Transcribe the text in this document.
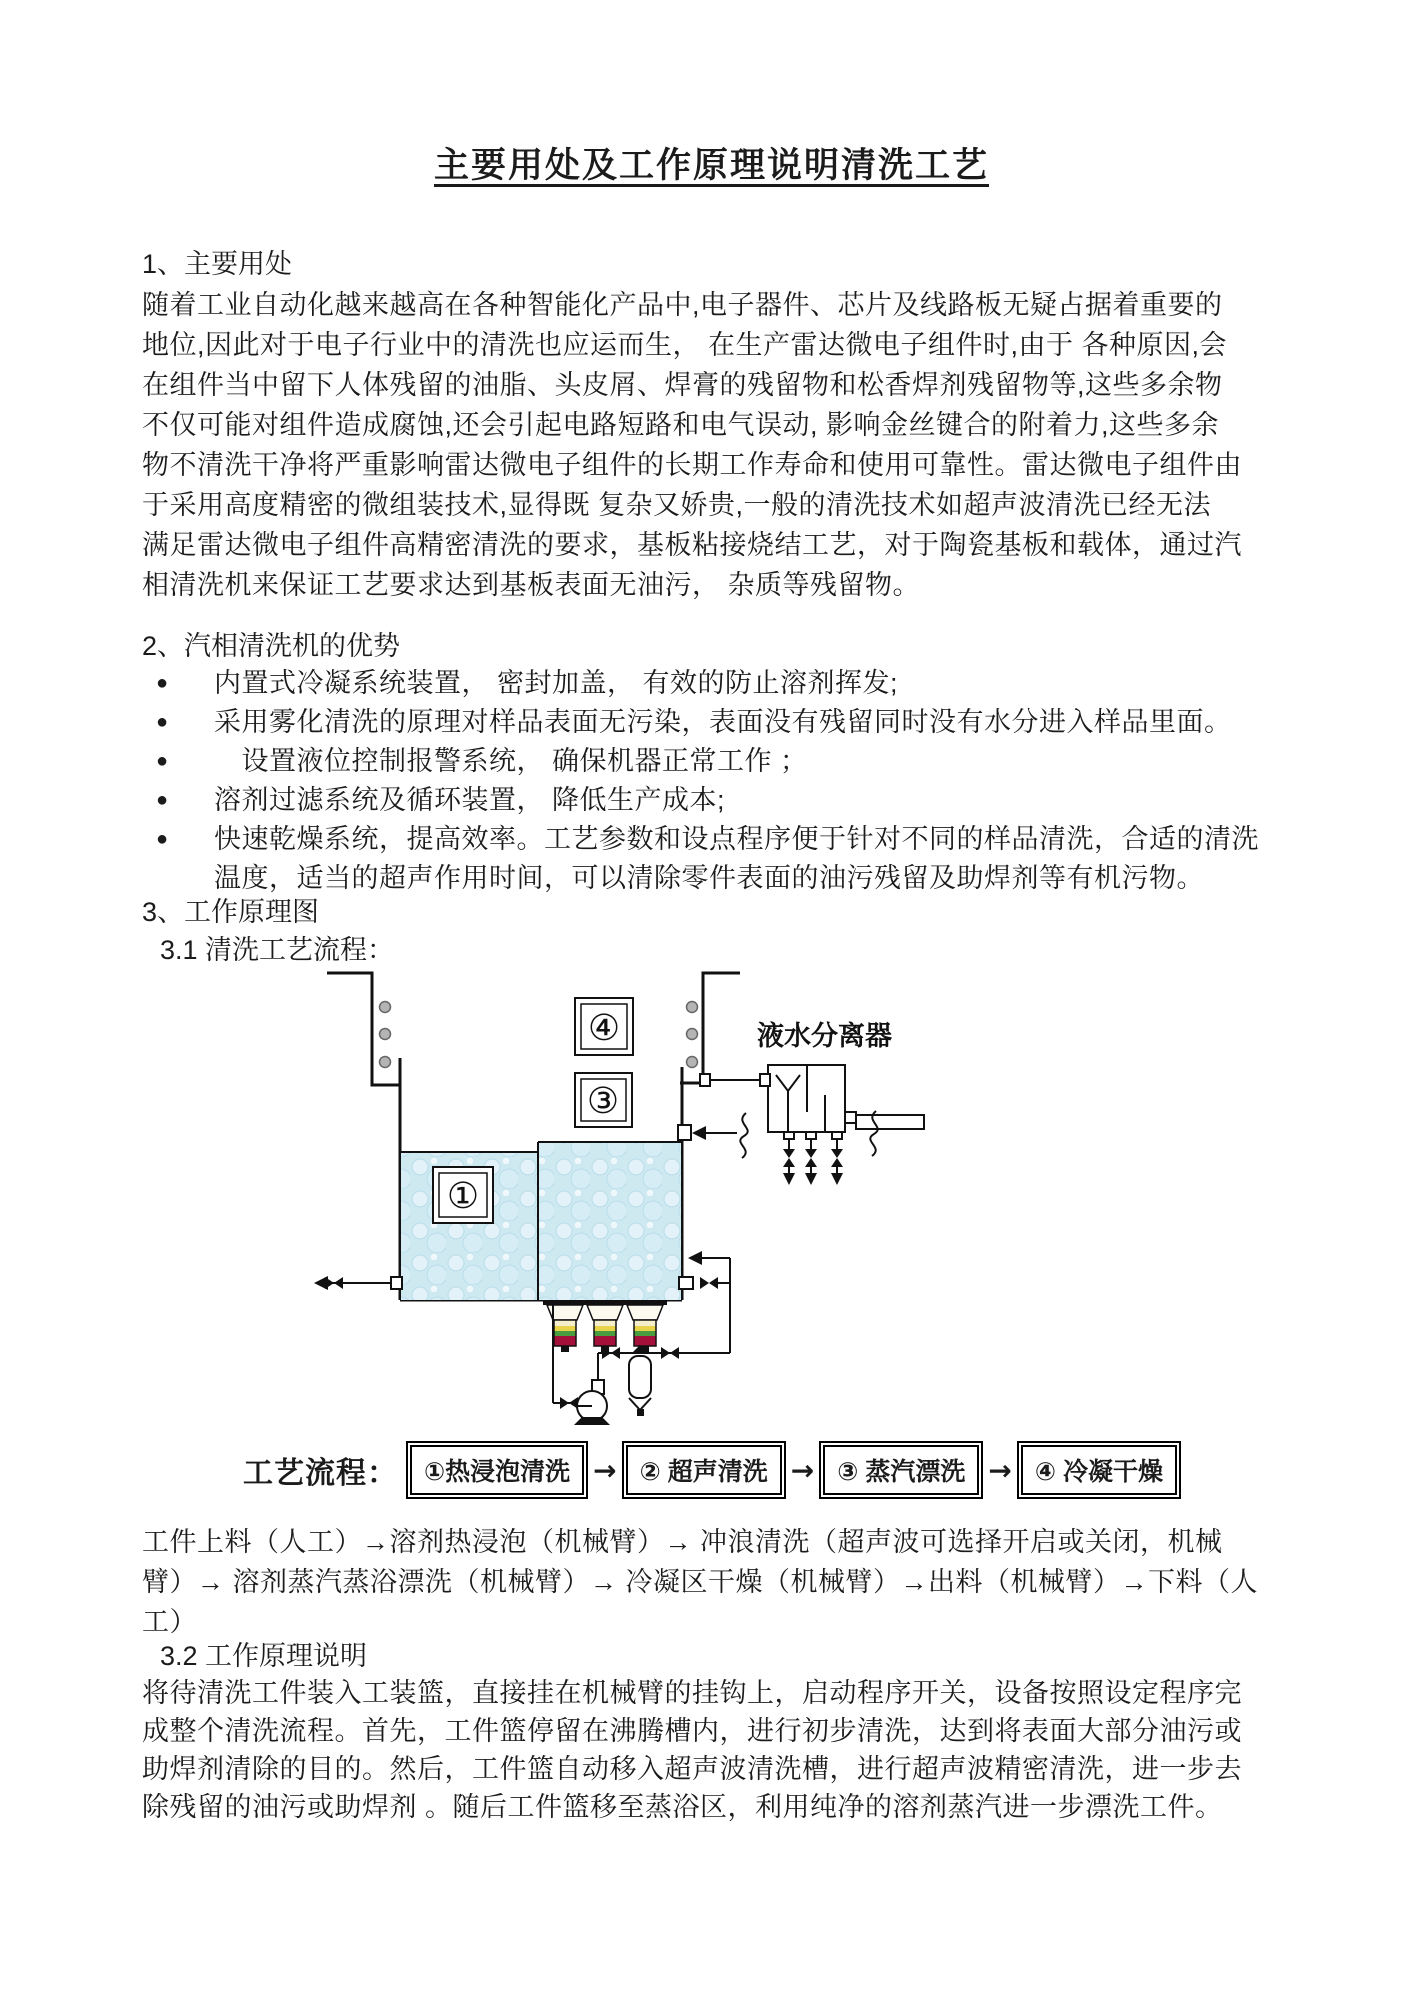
主要用处及工作原理说明清洗工艺
1、主要用处
随着工业自动化越来越高在各种智能化产品中,电子器件、芯片及线路板无疑占据着重要的
地位,因此对于电子行业中的清洗也应运而生， 在生产雷达微电子组件时,由于 各种原因,会
在组件当中留下人体残留的油脂、头皮屑、焊膏的残留物和松香焊剂残留物等,这些多余物
不仅可能对组件造成腐蚀,还会引起电路短路和电气误动, 影响金丝键合的附着力,这些多余
物不清洗干净将严重影响雷达微电子组件的长期工作寿命和使用可靠性。雷达微电子组件由
于采用高度精密的微组装技术,显得既 复杂又娇贵,一般的清洗技术如超声波清洗已经无法
满足雷达微电子组件高精密清洗的要求，基板粘接烧结工艺，对于陶瓷基板和载体，通过汽
相清洗机来保证工艺要求达到基板表面无油污， 杂质等残留物。
2、汽相清洗机的优势
●	内置式冷凝系统装置， 密封加盖， 有效的防止溶剂挥发;
●	采用雾化清洗的原理对样品表面无污染，表面没有残留同时没有水分进入样品里面。
●	　设置液位控制报警系统， 确保机器正常工作 ；
●	溶剂过滤系统及循环装置， 降低生产成本;
●	快速乾燥系统，提高效率。工艺参数和设点程序便于针对不同的样品清洗，合适的清洗
温度，适当的超声作用时间，可以清除零件表面的油污残留及助焊剂等有机污物。
3、工作原理图
3.1 清洗工艺流程：
①
④
③
液水分离器
工艺流程：	①热浸泡清洗 → ② 超声清洗 → ③ 蒸汽漂洗 → ④ 冷凝干燥
工件上料（人工）→溶剂热浸泡（机械臂）→ 冲浪清洗（超声波可选择开启或关闭，机械
臂）→ 溶剂蒸汽蒸浴漂洗（机械臂）→ 冷凝区干燥（机械臂）→出料（机械臂）→下料（人
工）
3.2 工作原理说明
将待清洗工件装入工装篮，直接挂在机械臂的挂钩上，启动程序开关，设备按照设定程序完
成整个清洗流程。首先，工件篮停留在沸腾槽内，进行初步清洗，达到将表面大部分油污或
助焊剂清除的目的。然后，工件篮自动移入超声波清洗槽，进行超声波精密清洗，进一步去
除残留的油污或助焊剂 。随后工件篮移至蒸浴区，利用纯净的溶剂蒸汽进一步漂洗工件。
